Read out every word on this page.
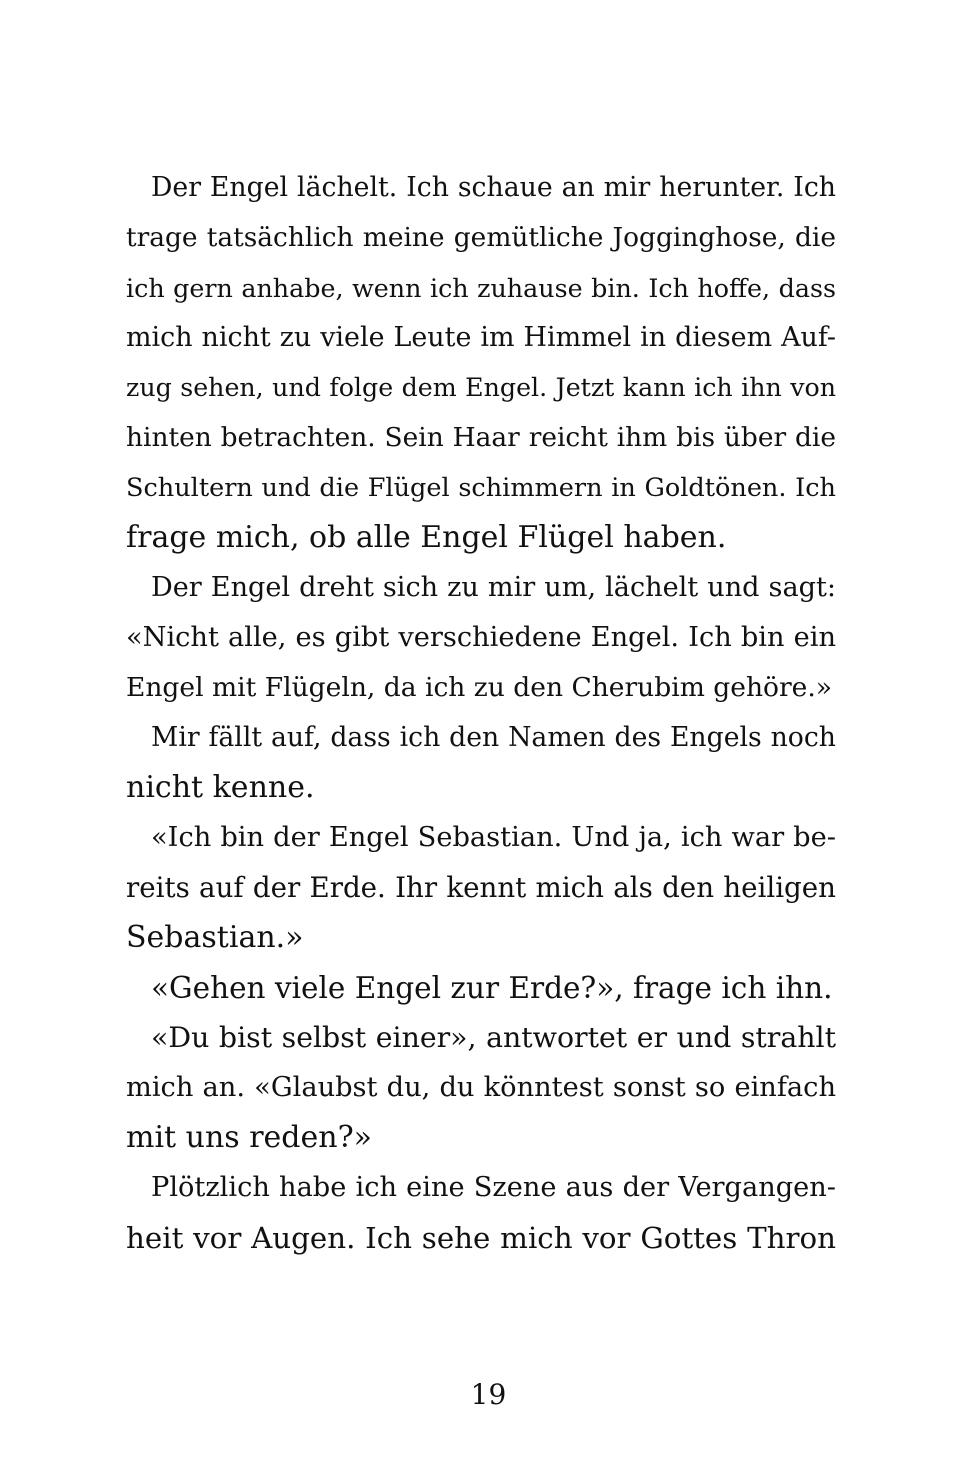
Der Engel lächelt. Ich schaue an mir herunter. Ich
trage tatsächlich meine gemütliche Jogginghose, die
ich gern anhabe, wenn ich zuhause bin. Ich hoffe, dass
mich nicht zu viele Leute im Himmel in diesem Auf-
zug sehen, und folge dem Engel. Jetzt kann ich ihn von
hinten betrachten. Sein Haar reicht ihm bis über die
Schultern und die Flügel schimmern in Goldtönen. Ich
frage mich, ob alle Engel Flügel haben.
Der Engel dreht sich zu mir um, lächelt und sagt:
«Nicht alle, es gibt verschiedene Engel. Ich bin ein
Engel mit Flügeln, da ich zu den Cherubim gehöre.»
Mir fällt auf, dass ich den Namen des Engels noch
nicht kenne.
«Ich bin der Engel Sebastian. Und ja, ich war be-
reits auf der Erde. Ihr kennt mich als den heiligen
Sebastian.»
«Gehen viele Engel zur Erde?», frage ich ihn.
«Du bist selbst einer», antwortet er und strahlt
mich an. «Glaubst du, du könntest sonst so einfach
mit uns reden?»
Plötzlich habe ich eine Szene aus der Vergangen-
heit vor Augen. Ich sehe mich vor Gottes Thron
19
